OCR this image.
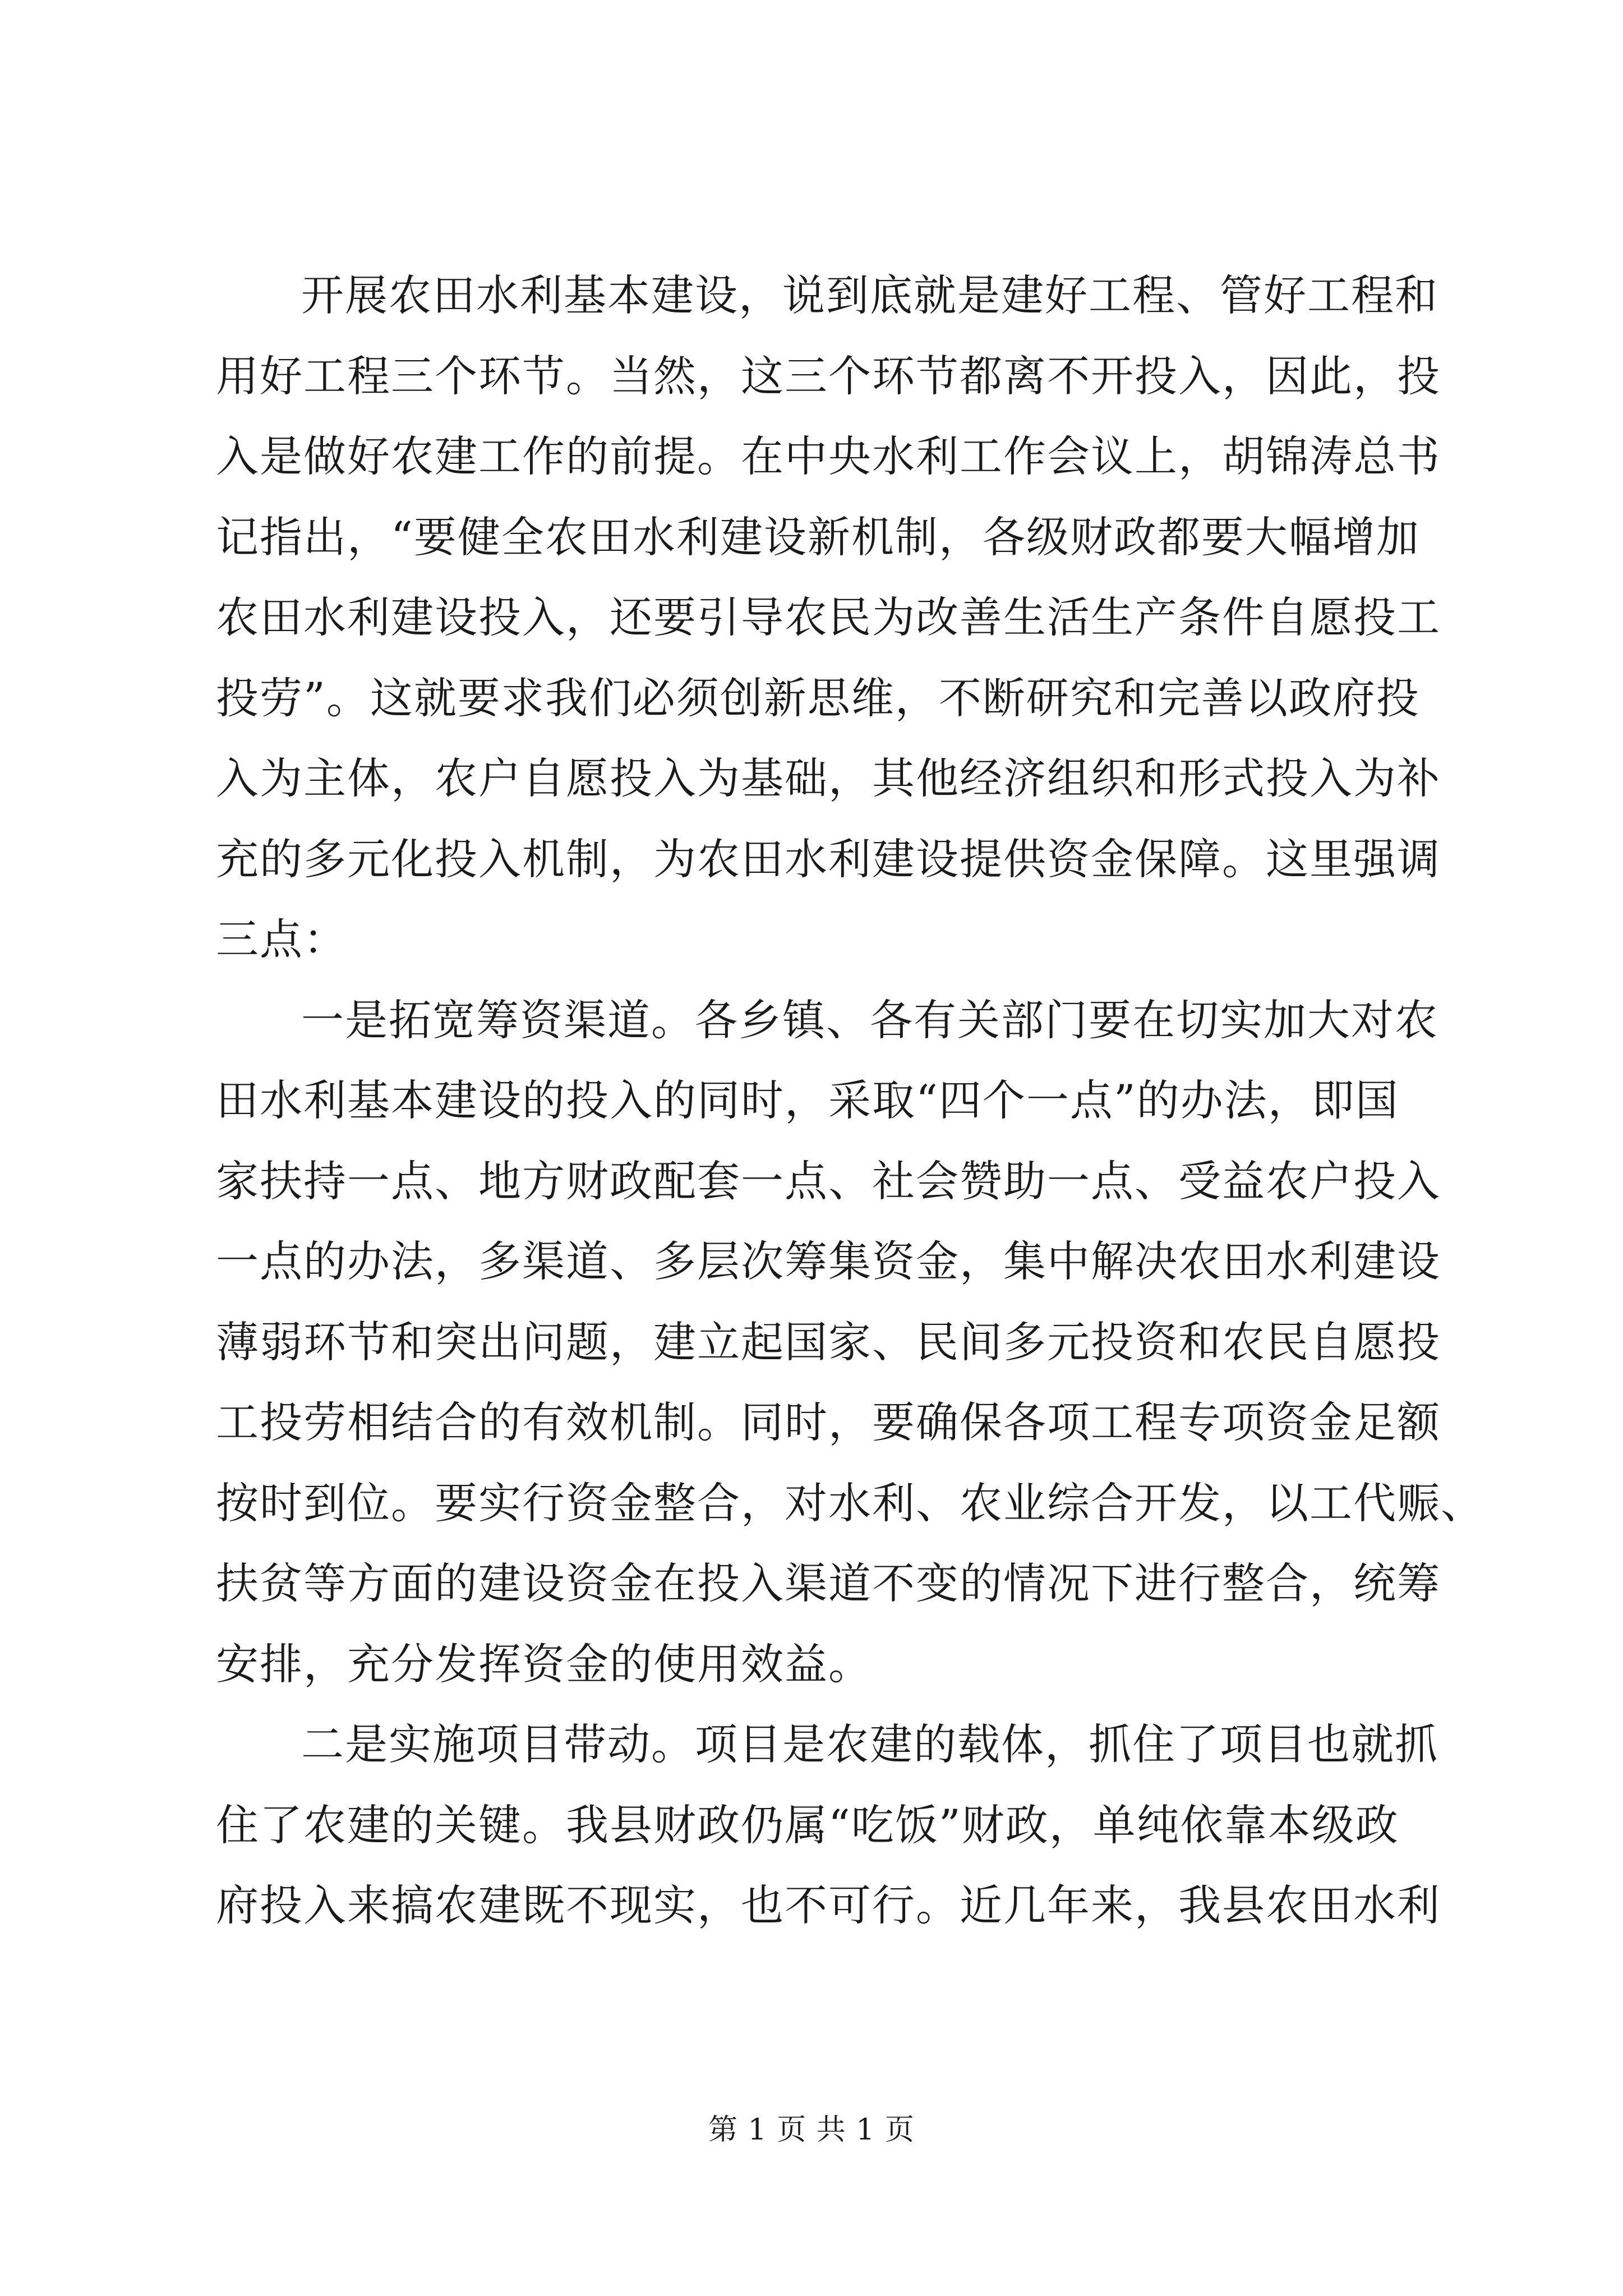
开展农田水利基本建设，说到底就是建好工程、管好工程和
用好工程三个环节。当然，这三个环节都离不开投入，因此，投
入是做好农建工作的前提。在中央水利工作会议上，胡锦涛总书
记指出，“要健全农田水利建设新机制，各级财政都要大幅增加
农田水利建设投入，还要引导农民为改善生活生产条件自愿投工
投劳”。这就要求我们必须创新思维，不断研究和完善以政府投
入为主体，农户自愿投入为基础，其他经济组织和形式投入为补
充的多元化投入机制，为农田水利建设提供资金保障。这里强调
三点：
一是拓宽筹资渠道。各乡镇、各有关部门要在切实加大对农
田水利基本建设的投入的同时，采取“四个一点”的办法，即国
家扶持一点、地方财政配套一点、社会赞助一点、受益农户投入
一点的办法，多渠道、多层次筹集资金，集中解决农田水利建设
薄弱环节和突出问题，建立起国家、民间多元投资和农民自愿投
工投劳相结合的有效机制。同时，要确保各项工程专项资金足额
按时到位。要实行资金整合，对水利、农业综合开发，以工代赈、
扶贫等方面的建设资金在投入渠道不变的情况下进行整合，统筹
安排，充分发挥资金的使用效益。
二是实施项目带动。项目是农建的载体，抓住了项目也就抓
住了农建的关键。我县财政仍属“吃饭”财政，单纯依靠本级政
府投入来搞农建既不现实，也不可行。近几年来，我县农田水利
第 1 页 共 1 页
